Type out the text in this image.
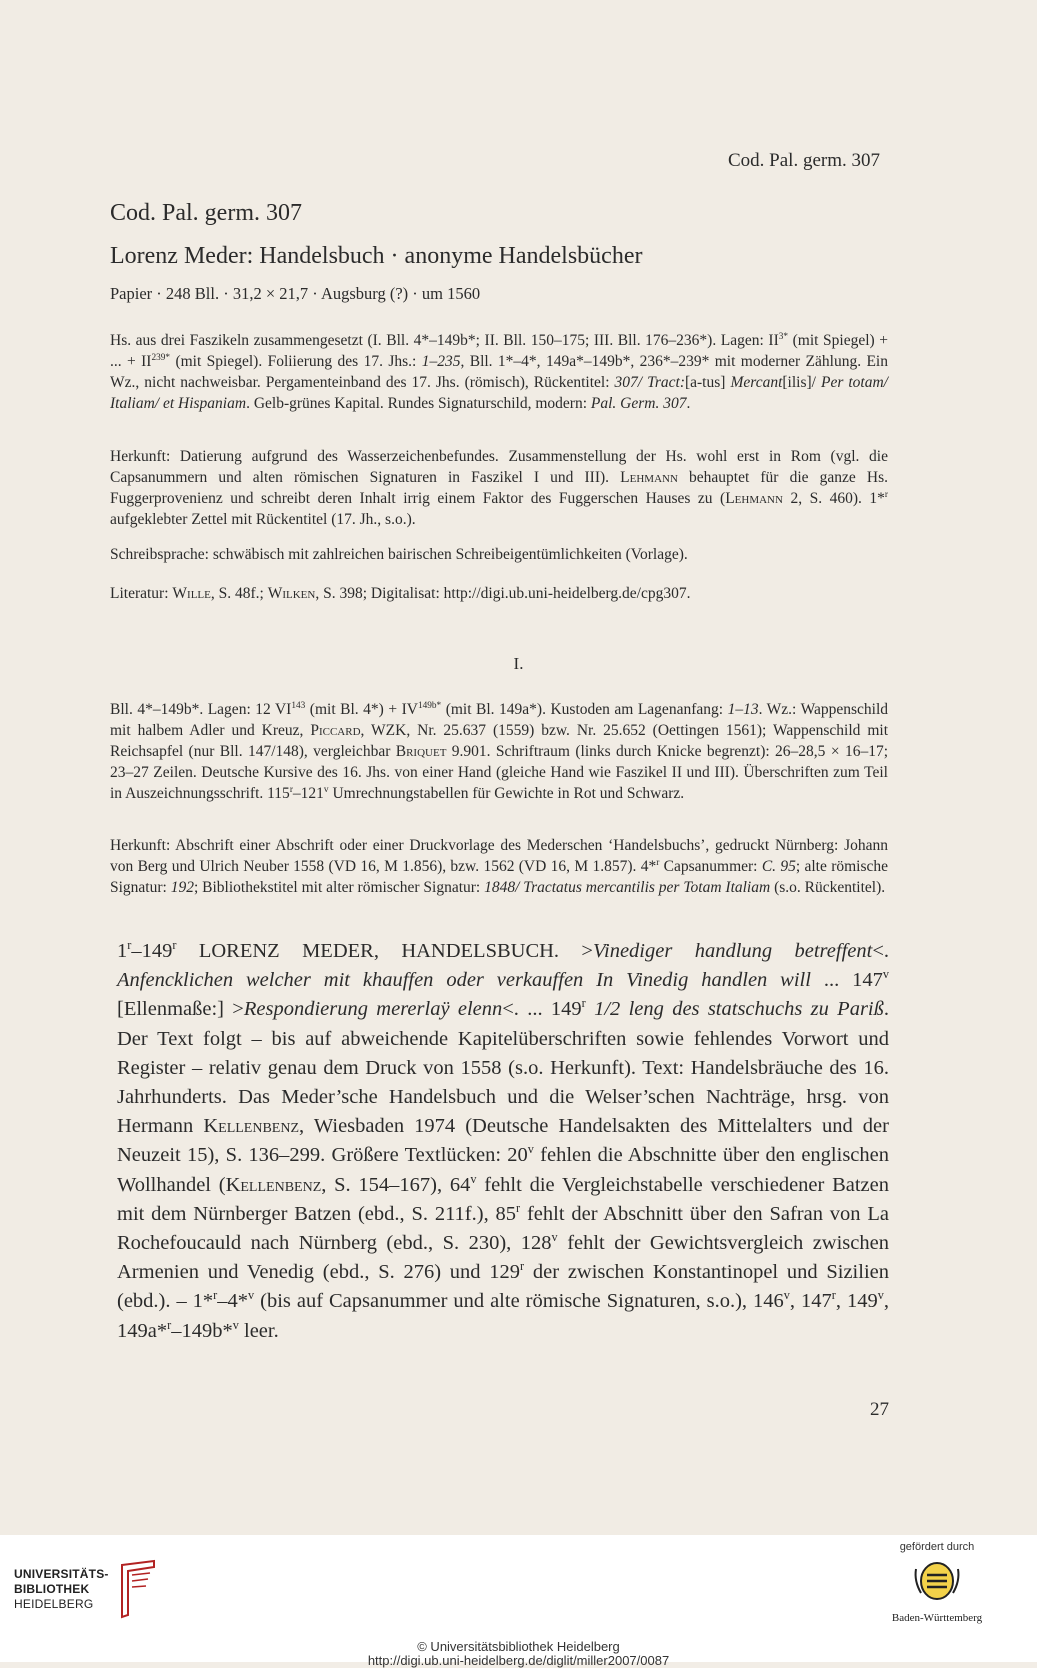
Cod. Pal. germ. 307
Cod. Pal. germ. 307
Lorenz Meder: Handelsbuch · anonyme Handelsbücher
Papier · 248 Bll. · 31,2 × 21,7 · Augsburg (?) · um 1560
Hs. aus drei Faszikeln zusammengesetzt (I. Bll. 4*–149b*; II. Bll. 150–175; III. Bll. 176–236*). Lagen: $II^{3*}$ (mit Spiegel) + ... + $II^{239*}$ (mit Spiegel). Foliierung des 17. Jhs.: 1–235, Bll. 1*–4*, 149a*–149b*, 236*–239* mit moderner Zählung. Ein Wz., nicht nachweisbar. Pergamenteinband des 17. Jhs. (römisch), Rückentitel: 307/ Tract:[a-tus] Mercant[ilis]/ Per totam/ Italiam/ et Hispaniam. Gelb-grünes Kapital. Rundes Signaturschild, modern: Pal. Germ. 307.
Herkunft: Datierung aufgrund des Wasserzeichenbefundes. Zusammenstellung der Hs. wohl erst in Rom (vgl. die Capsanummern und alten römischen Signaturen in Faszikel I und III). Lehmann behauptet für die ganze Hs. Fuggerprovenienz und schreibt deren Inhalt irrig einem Faktor des Fuggerschen Hauses zu (Lehmann 2, S. 460). 1*$^r$ aufgeklebter Zettel mit Rückentitel (17. Jh., s.o.).
Schreibsprache: schwäbisch mit zahlreichen bairischen Schreibeigentümlichkeiten (Vorlage).
Literatur: Wille, S. 48f.; Wilken, S. 398; Digitalisat: http://digi.ub.uni-heidelberg.de/cpg307.
I.
Bll. 4*–149b*. Lagen: 12 VI$^{143}$ (mit Bl. $4*) + IV^{149b*}$ (mit Bl. 149a*). Kustoden am Lagenanfang: 1–13. Wz.: Wappenschild mit halbem Adler und Kreuz, Piccard, WZK, Nr. 25.637 (1559) bzw. Nr. 25.652 (Oettingen 1561); Wappenschild mit Reichsapfel (nur Bll. 147/148), vergleichbar Briquet 9.901. Schriftraum (links durch Knicke begrenzt): 26–28,5 × 16–17; 23–27 Zeilen. Deutsche Kursive des 16. Jhs. von einer Hand (gleiche Hand wie Faszikel II und III). Überschriften zum Teil in Auszeichnungsschrift. 115$^r$–121$^v$ Umrechnungstabellen für Gewichte in Rot und Schwarz.
Herkunft: Abschrift einer Abschrift oder einer Druckvorlage des Mederschen ‘Handelsbuchs’, gedruckt Nürnberg: Johann von Berg und Ulrich Neuber 1558 (VD 16, M 1.856), bzw. 1562 (VD 16, M 1.857). 4*$^r$ Capsanummer: C. 95; alte römische Signatur: 192; Bibliothekstitel mit alter römischer Signatur: 1848/ Tractatus mercantilis per Totam Italiam (s.o. Rückentitel).
1$^r$–149$^r$ LORENZ MEDER, HANDELSBUCH. >Vinediger handlung betreffent<. Anfencklichen welcher mit khauffen oder verkauffen In Vinedig handlen will ... 147$^v$ [Ellenmaße:] >Respondierung mererlaÿ elenn<. ... 149$^r$ 1/2 leng des statschuchs zu Pariß. Der Text folgt – bis auf abweichende Kapitelüberschriften sowie fehlendes Vorwort und Register – relativ genau dem Druck von 1558 (s.o. Herkunft). Text: Handelsbräuche des 16. Jahrhunderts. Das Meder’sche Handelsbuch und die Welser’schen Nachträge, hrsg. von Hermann Kellenbenz, Wiesbaden 1974 (Deutsche Handelsakten des Mittelalters und der Neuzeit 15), S. 136–299. Größere Textlücken: 20$^v$ fehlen die Abschnitte über den englischen Wollhandel (Kellenbenz, S. 154–167), 64$^v$ fehlt die Vergleichstabelle verschiedener Batzen mit dem Nürnberger Batzen (ebd., S. 211f.), 85$^r$ fehlt der Abschnitt über den Safran von La Rochefoucauld nach Nürnberg (ebd., S. 230), 128$^v$ fehlt der Gewichtsvergleich zwischen Armenien und Venedig (ebd., S. 276) und 129$^r$ der zwischen Konstantinopel und Sizilien (ebd.). – 1*$^r$–4*$^v$ (bis auf Capsanummer und alte römische Signaturen, s.o.), 146$^v$, 147$^r$, 149$^v$, 149a*$^r$–149b*$^v$ leer.
27
UNIVERSITÄTS-
BIBLIOTHEK
HEIDELBERG
© Universitätsbibliothek Heidelberg
http://digi.ub.uni-heidelberg.de/diglit/miller2007/0087
gefördert durch
Baden-Württemberg
